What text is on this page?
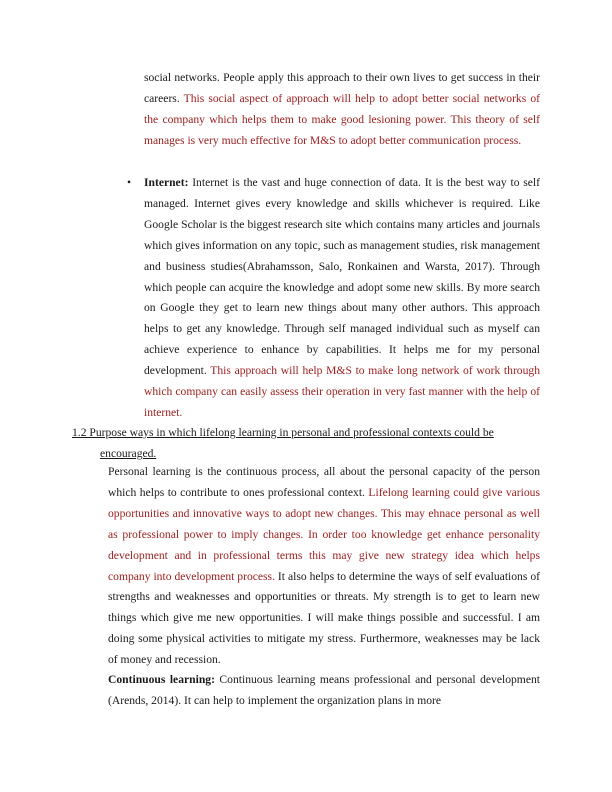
social networks. People apply this approach to their own lives to get success in their careers. This social aspect of approach will help to adopt better social networks of the company which helps them to make good lesioning power. This theory of self manages is very much effective for M&S to adopt better communication process.

•	Internet: Internet is the vast and huge connection of data. It is the best way to self managed. Internet gives every knowledge and skills whichever is required. Like Google Scholar is the biggest research site which contains many articles and journals which gives information on any topic, such as management studies, risk management and business studies(Abrahamsson, Salo, Ronkainen and Warsta, 2017). Through which people can acquire the knowledge and adopt some new skills. By more search on Google they get to learn new things about many other authors. This approach helps to get any knowledge. Through self managed individual such as myself can achieve experience to enhance by capabilities. It helps me for my personal development. This approach will help M&S to make long network of work through which company can easily assess their operation in very fast manner with the help of internet.

1.2 Purpose ways in which lifelong learning in personal and professional contexts could be
encouraged.

Personal learning is the continuous process, all about the personal capacity of the person which helps to contribute to ones professional context. Lifelong learning could give various opportunities and innovative ways to adopt new changes. This may ehnace personal as well as professional power to imply changes. In order too knowledge get enhance personality development and in professional terms this may give new strategy idea which helps company into development process. It also helps to determine the ways of self evaluations of strengths and weaknesses and opportunities or threats. My strength is to get to learn new things which give me new opportunities. I will make things possible and successful. I am doing some physical activities to mitigate my stress. Furthermore, weaknesses may be lack of money and recession.

Continuous learning: Continuous learning means professional and personal development (Arends, 2014). It can help to implement the organization plans in more
